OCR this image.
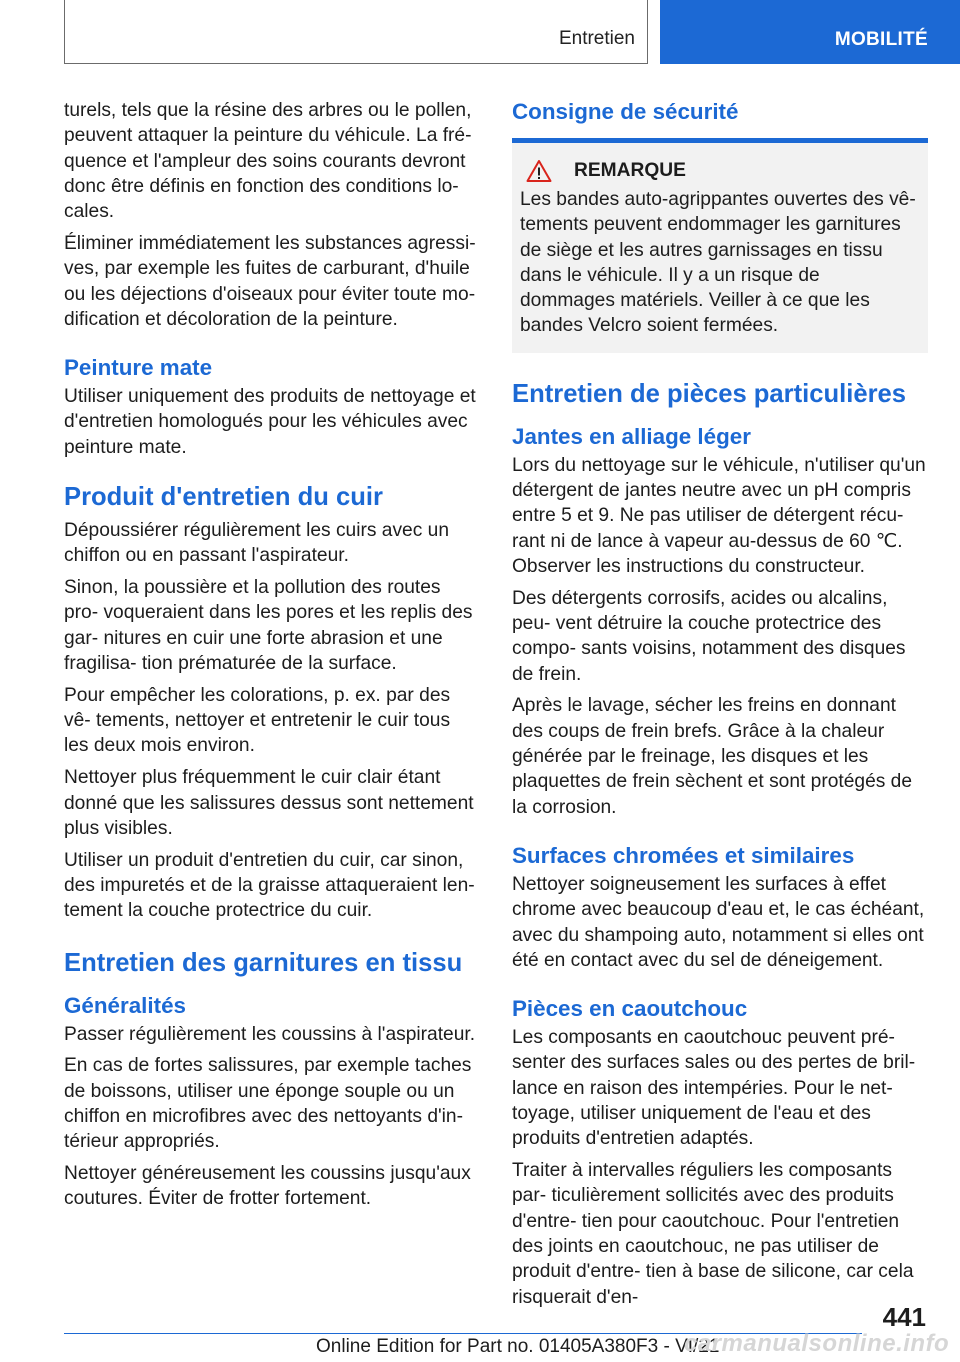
Entretien	MOBILITÉ

turels, tels que la résine des arbres ou le pollen, peuvent attaquer la peinture du véhicule. La fré‐ quence et l'ampleur des soins courants devront donc être définis en fonction des conditions lo‐ cales.

Éliminer immédiatement les substances agressi‐ ves, par exemple les fuites de carburant, d'huile ou les déjections d'oiseaux pour éviter toute mo‐ dification et décoloration de la peinture.

Peinture mate

Utiliser uniquement des produits de nettoyage et d'entretien homologués pour les véhicules avec peinture mate.

Produit d'entretien du cuir

Dépoussiérer régulièrement les cuirs avec un chiffon ou en passant l'aspirateur.

Sinon, la poussière et la pollution des routes pro‐ voqueraient dans les pores et les replis des gar‐ nitures en cuir une forte abrasion et une fragilisa‐ tion prématurée de la surface.

Pour empêcher les colorations, p. ex. par des vê‐ tements, nettoyer et entretenir le cuir tous les deux mois environ.

Nettoyer plus fréquemment le cuir clair étant donné que les salissures dessus sont nettement plus visibles.

Utiliser un produit d'entretien du cuir, car sinon, des impuretés et de la graisse attaqueraient len‐ tement la couche protectrice du cuir.

Entretien des garnitures en tissu
Généralités

Passer régulièrement les coussins à l'aspirateur.

En cas de fortes salissures, par exemple taches de boissons, utiliser une éponge souple ou un chiffon en microfibres avec des nettoyants d'in‐ térieur appropriés.

Nettoyer généreusement les coussins jusqu'aux coutures. Éviter de frotter fortement.

Consigne de sécurité
REMARQUE

Les bandes auto-agrippantes ouvertes des vê‐ tements peuvent endommager les garnitures de siège et les autres garnissages en tissu dans le véhicule. Il y a un risque de dommages matériels. Veiller à ce que les bandes Velcro soient fermées.

Entretien de pièces particulières
Jantes en alliage léger

Lors du nettoyage sur le véhicule, n'utiliser qu'un détergent de jantes neutre avec un pH compris entre 5 et 9. Ne pas utiliser de détergent récu‐ rant ni de lance à vapeur au-dessus de 60 ℃. Observer les instructions du constructeur.

Des détergents corrosifs, acides ou alcalins, peu‐ vent détruire la couche protectrice des compo‐ sants voisins, notamment des disques de frein.

Après le lavage, sécher les freins en donnant des coups de frein brefs. Grâce à la chaleur générée par le freinage, les disques et les plaquettes de frein sèchent et sont protégés de la corrosion.

Surfaces chromées et similaires

Nettoyer soigneusement les surfaces à effet chrome avec beaucoup d'eau et, le cas échéant, avec du shampoing auto, notamment si elles ont été en contact avec du sel de déneigement.

Pièces en caoutchouc

Les composants en caoutchouc peuvent pré‐ senter des surfaces sales ou des pertes de bril‐ lance en raison des intempéries. Pour le net‐ toyage, utiliser uniquement de l'eau et des produits d'entretien adaptés.

Traiter à intervalles réguliers les composants par‐ ticulièrement sollicités avec des produits d'entre‐ tien pour caoutchouc. Pour l'entretien des joints en caoutchouc, ne pas utiliser de produit d'entre‐ tien à base de silicone, car cela risquerait d'en‐

441
Online Edition for Part no. 01405A380F3 - VI/21
carmanualsonline.info
